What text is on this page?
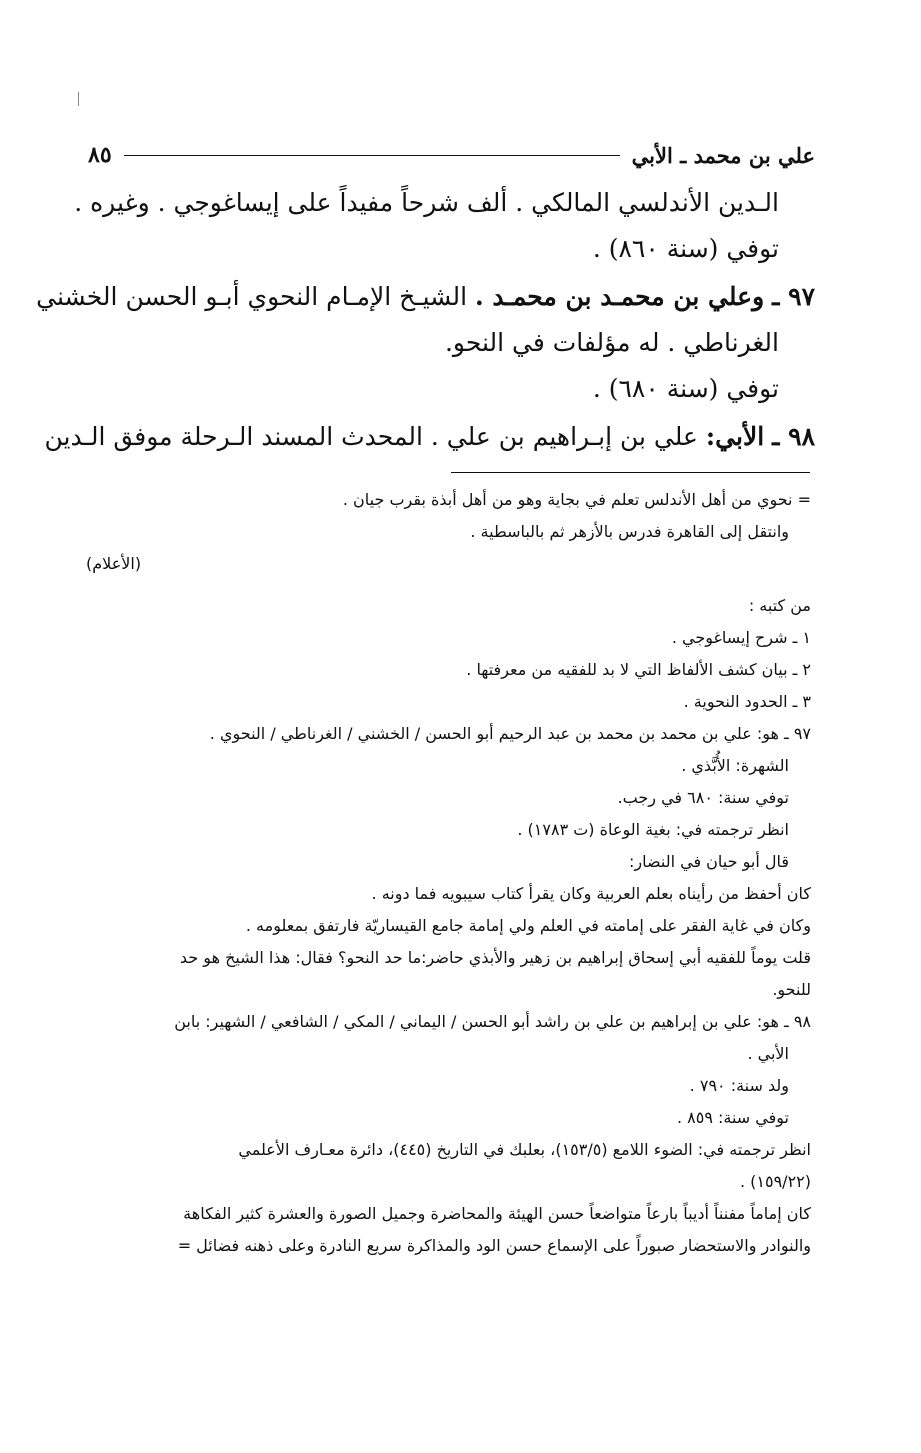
علي بن محمد ـ الأبي
٨٥
الـدين الأندلسي المالكي . ألف شرحاً مفيداً على إيساغوجي . وغيره .
توفي (سنة ٨٦٠) .
٩٧ ـ وعلي بن محمـد بن محمـد . الشيـخ الإمـام النحوي أبـو الحسن الخشني
الغرناطي . له مؤلفات في النحو.
توفي (سنة ٦٨٠) .
٩٨ ـ الأبي: علي بن إبـراهيم بن علي . المحدث المسند الـرحلة موفق الـدين
= نحوي من أهل الأندلس تعلم في بجاية وهو من أهل أبذة بقرب جيان .
وانتقل إلى القاهرة فدرس بالأزهر ثم بالباسطية .
(الأعلام)
من كتبه :
١ ـ شرح إيساغوجي .
٢ ـ بيان كشف الألفاظ التي لا بد للفقيه من معرفتها .
٣ ـ الحدود النحوية .
٩٧ ـ هو: علي بن محمد بن محمد بن عبد الرحيم أبو الحسن / الخشني / الغرناطي / النحوي .
الشهرة: الأُبَّذي .
توفي سنة: ٦٨٠ في رجب.
انظر ترجمته في: بغية الوعاة (ت ١٧٨٣) .
قال أبو حيان في النضار:
كان أحفظ من رأيناه بعلم العربية وكان يقرأ كتاب سيبويه فما دونه .
وكان في غاية الفقر على إمامته في العلم ولي إمامة جامع القيساريّة فارتفق بمعلومه .
قلت يوماً للفقيه أبي إسحاق إبراهيم بن زهير والأبذي حاضر:ما حد النحو؟ فقال: هذا الشيخ هو حد
للنحو.
٩٨ ـ هو: علي بن إبراهيم بن علي بن راشد أبو الحسن / اليماني / المكي / الشافعي / الشهير: بابن
الأبي .
ولد سنة: ٧٩٠ .
توفي سنة: ٨٥٩ .
انظر ترجمته في: الضوء اللامع (١٥٣/٥)، بعلبك في التاريخ (٤٤٥)، دائرة معـارف الأعلمي
(١٥٩/٢٢) .
كان إماماً مفنناً أديباً بارعاً متواضعاً حسن الهيئة والمحاضرة وجميل الصورة والعشرة كثير الفكاهة
والنوادر والاستحضار صبوراً على الإسماع حسن الود والمذاكرة سريع النادرة وعلى ذهنه فضائل =
